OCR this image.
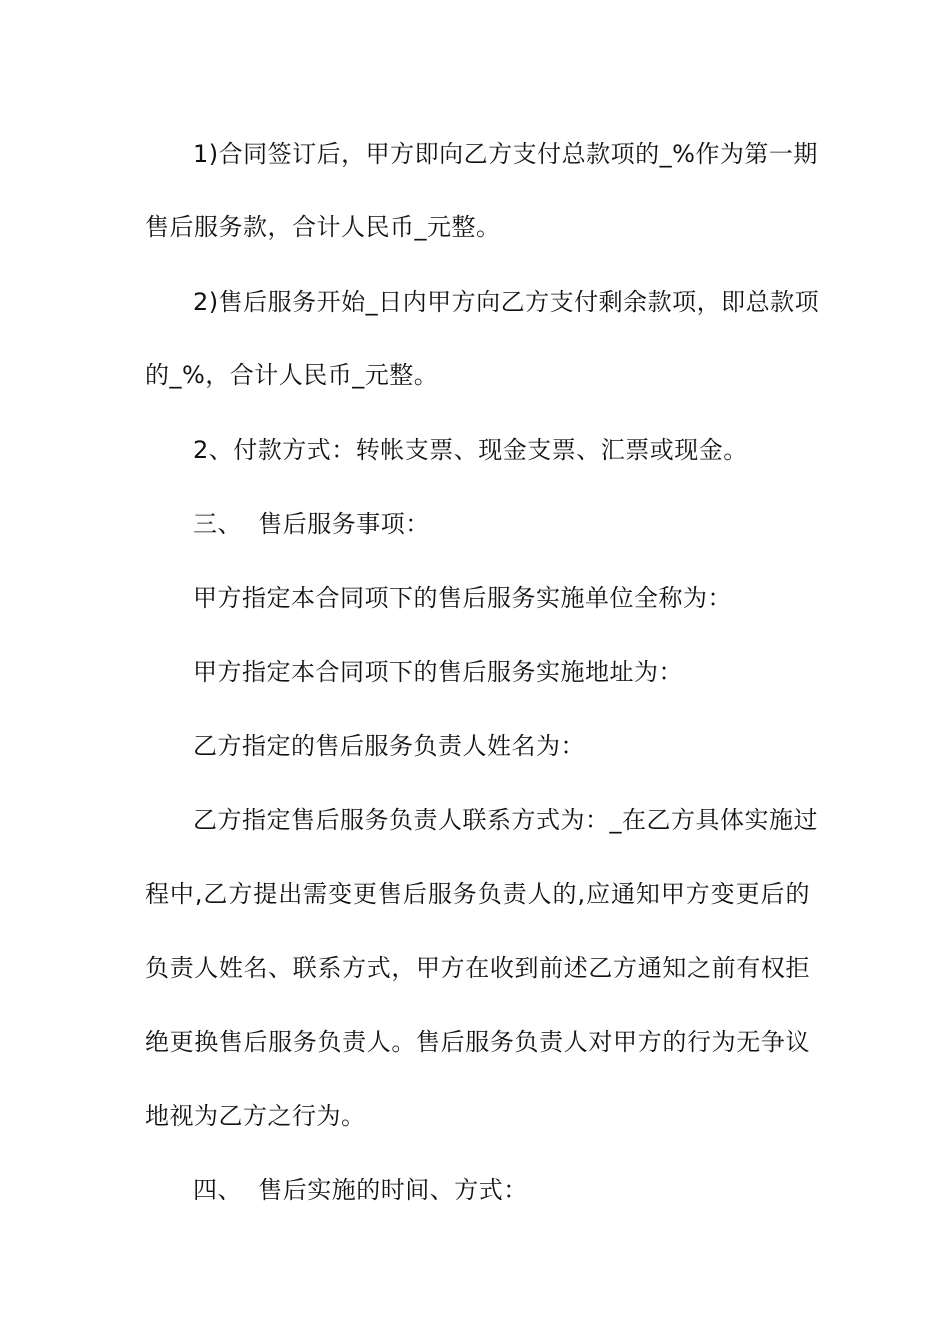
1)合同签订后，甲方即向乙方支付总款项的_%作为第一期
售后服务款，合计人民币_元整。
2)售后服务开始_日内甲方向乙方支付剩余款项，即总款项
的_%，合计人民币_元整。
2、付款方式：转帐支票、现金支票、汇票或现金。
三、  售后服务事项：
甲方指定本合同项下的售后服务实施单位全称为：
甲方指定本合同项下的售后服务实施地址为：
乙方指定的售后服务负责人姓名为：
乙方指定售后服务负责人联系方式为：_在乙方具体实施过
程中,乙方提出需变更售后服务负责人的,应通知甲方变更后的
负责人姓名、联系方式，甲方在收到前述乙方通知之前有权拒
绝更换售后服务负责人。售后服务负责人对甲方的行为无争议
地视为乙方之行为。
四、  售后实施的时间、方式：
